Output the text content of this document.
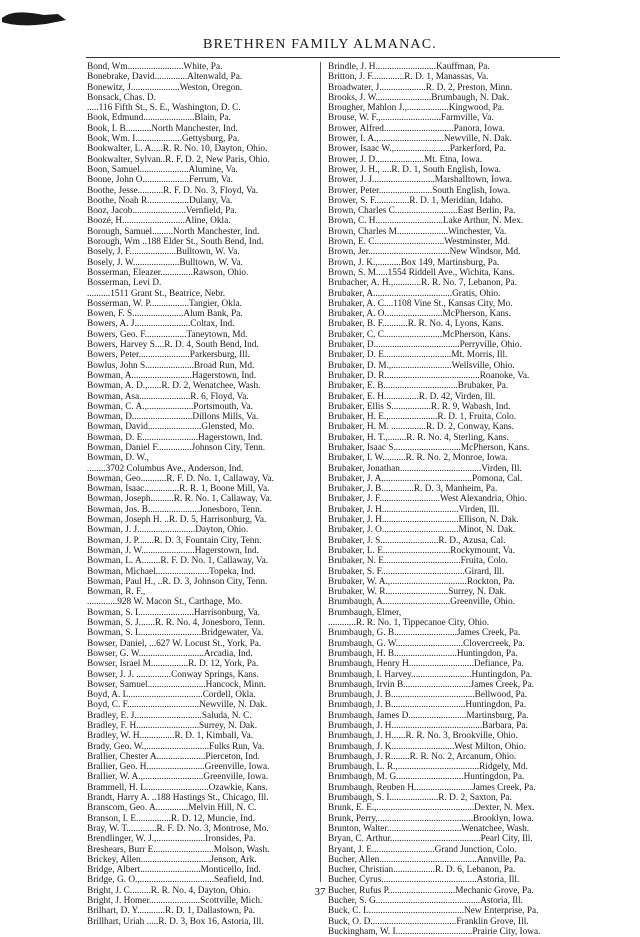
BRETHREN FAMILY ALMANAC.
Bond, Wm........................White, Pa.
Bonebrake, David..............Altenwald, Pa.
Bonewitz, J.....................Weston, Oregon.
Bonsack, Chas. D.
.....116 Fifth St., S. E., Washington, D. C.
Book, Edmund......................Blain, Pa.
Book, I. B...........North Manchester, Ind.
Book, Wm. I....................Gettysburg, Pa.
Bookwalter, L. A.....R. R. No. 10, Dayton, Ohio.
Bookwalter, Sylvan..R. F. D. 2, New Paris, Ohio.
Boon, Samuel.....................Alumine, Va.
Boone, John O....................Ferrum, Va.
Boothe, Jesse...........R. F. D. No. 3, Floyd, Va.
Boothe, Noah R..................Dulany, Va.
Booz, Jacob.......................Vernfield, Pa.
Boozé, H...........................Aline, Okla.
Borough, Samuel.........North Manchester, Ind.
Borough, Wm ..188 Elder St., South Bend, Ind.
Bosely, J. F....................Bulltown, W. Va.
Bosely, J. W....................Bulltown, W. Va.
Bosserman, Eleazer..............Rawson, Ohio.
Bosserman, Levi D.
..........1511 Grant St., Beatrice, Nebr.
Bosserman, W. P.................Tangier, Okla.
Bowen, F. S......................Alum Bank, Pa.
Bowers, A. J........................Coltax, Ind.
Bowers, Geo. F..................Taneytown, Md.
Bowers, Harvey S....R. D. 4, South Bend, Ind.
Bowers, Peter......................Parkersburg, Ill.
Bowlus, John S.....................Broad Run, Md.
Bowman, A..........................Hagerstown, Ind.
Bowman, A. D.,......R. D. 2, Wenatchee, Wash.
Bowman, Asa......................R. 6, Floyd, Va.
Bowman, C. A.,....................Portsmouth, Va.
Bowman, D..........................Dillons Mills, Va.
Bowman, David.......................Glensted, Mo.
Bowman, D. E........................Hagerstown, Ind.
Bowman, Daniel F...............Johnson City, Tenn.
Bowman, D. W.,
........3702 Columbus Ave., Anderson, Ind.
Bowman, Geo...........R. F. D. No. 1, Callaway, Va.
Bowman, Isaac...............R. R. 1, Boone Mill, Va.
Bowman, Joseph..........R. R. No. 1, Callaway, Va.
Bowman, Jos. B......................Jonesboro, Tenn.
Bowman, Joseph H. ..R. D. 5, Harrisonburg, Va.
Bowman, J. J.........................Dayton, Ohio.
Bowman, J. P.......R. D. 3, Fountain City, Tenn.
Bowman, J. W.......................Hagerstown, Ind.
Bowman, L. A........R. F. D. No. 1, Callaway, Va.
Bowman, Michael.......................Topeka, Ind.
Bowman, Paul H., ..R. D. 3, Johnson City, Tenn.
Bowman, R. F.,
.............928 W. Macon St., Carthage, Mo.
Bowman, S. I........................Harrisonburg, Va.
Bowman, S. J.......R. R. No. 4, Jonesboro, Tenn.
Bowman, S. L..........................Bridgewater, Va.
Bowser, Daniel, ...627 W. Locust St., York, Pa.
Bowser, G. W............................Arcadia, Ind.
Bowser, Israel M................R. D. 12, York, Pa.
Bowser, J. J. ...............Conway Springs, Kans.
Bowser, Samuel.........................Hancock, Minn.
Boyd, A. L................................Cordell, Okla.
Boyd, C. F...............................Newville, N. Dak.
Bradley, E. J.............................Saluda, N. C.
Bradley, F. H...........................Surrey, N. Dak.
Bradley, W. H...............R. D. 1, Kimball, Va.
Brady, Geo. W.,...........................Fulks Run, Va.
Brallier, Chester A.....................Pierceton, Ind.
Brallier, Geo. H.........................Greenville, Iowa.
Brallier, W. A.,..........................Greenville, Iowa.
Brammell, H. L...........................Ozawkie, Kans.
Brandt, Harry A. ..188 Hastings St., Chicago, Ill.
Branscom, Geo. A..............Melvin Hill, N. C.
Branson, I. E...............R. D. 12, Muncie, Ind.
Bray, W. T.............R. F. D. No. 3, Montrose, Mo.
Brendlinger, W. J.,.....................Ironsides, Pa.
Breshears, Burr E..........................Molson, Wash.
Brickey, Allen..............................Jenson, Ark.
Bridge, Albert..........................Monticello, Ind.
Bridge, G. O.,................................Seafield, Ind.
Bright, J. C.........R. R. No. 4, Dayton, Ohio.
Bright, J. Homer......................Scottville, Mich.
Brilhart, D. Y............R. D. 1, Dallastown, Pa.
Brillhart, Uriah .....R. D. 3, Box 16, Astoria, Ill.
Brindle, J. H..........................Kauffman, Pa.
Britton, J. F..............R. D. 1, Manassas, Va.
Broadwater, J....................R. D. 2, Preston, Minn.
Brooks, J. W........................Brumbaugh, N. Dak.
Brougher, Mahlon J.,..................Kingwood, Pa.
Brouse, W. F.,..........................Farmville, Va.
Brower, Alfred..............................Panora, Iowa.
Brower, I. A.,............................Newville, N. Dak.
Brower, Isaac W.,........................Parkerford, Pa.
Brower, J. D.....................Mt. Etna, Iowa.
Brower, J. H., ....R. D. 1, South English, Iowa.
Brower, J. J...........................Marshalltown, Iowa.
Brower, Peter.......................South English, Iowa.
Brower, S. F...............R. D. 1, Meridian, Idaho.
Brown, Charles C...........................East Berlin, Pa.
Brown, C. H.............................Lake Arthur, N. Mex.
Brown, Charles M......................Winchester, Va.
Brown, E. C..............................Westminster, Md.
Brown, Jer...................................New Windsor, Md.
Brown, J. K.,..........Box 149, Martinsburg, Pa.
Brown, S. M.....1554 Riddell Ave., Wichita, Kans.
Brubacher, A. H.,............R. R. No. 7, Lebanon, Pa.
Brubaker, A..................................Gratis, Ohio.
Brubaker, A. C....1108 Vine St., Kansas City, Mo.
Brubaker, A. O.........................McPherson, Kans.
Brubaker, B. F...........R. R. No. 4, Lyons, Kans.
Brubaker, C. C.........................McPherson, Kans.
Brubaker, D.....................................Perryville, Ohio.
Brubaker, D. E.............................Mt. Morris, Ill.
Brubaker, D. M.,..........................Wellsville, Ohio.
Brubaker, D. R.........................................Roanoke, Va.
Brubaker, E. B................................Brubaker, Pa.
Brubaker, E. H...............R. D. 42, Virden, Ill.
Brubaker, Ellis S.................R. R. 9, Wabash, Ind.
Brubaker, H. E.,.....................R. D. 1, Fruita, Colo.
Brubaker, H. M. ...............R. D. 2, Conway, Kans.
Brubaker, H. T.,........R. R. No. 4, Sterling, Kans.
Brubaker, Isaac S.............................McPherson, Kans.
Brubaker, I. W..........R. R. No. 2, Monroe, Iowa.
Brubaker, Jonathan...................................Virden, Ill.
Brubaker, J. A.......................................Pomona, Cal.
Brubaker, J. B..............R. D. 3, Manheim, Pa.
Brubaker, J. F..........................West Alexandria, Ohio.
Brubaker, J. H.................................Virden, Ill.
Brubaker, J. H.................................Ellison, N. Dak.
Brubaker, J. O.................................Minot, N. Dak.
Brubaker, J. S.........................R. D., Azusa, Cal.
Brubaker, L. E.............................Rockymount, Va.
Brubaker, N. E.................................Fruita, Colo.
Brubaker, S. F....................................Girard, Ill.
Brubaker, W. A.,.................................Rockton, Pa.
Brubaker, W. R...........................Surrey, N. Dak.
Brumbaugh, A.............................Greenville, Ohio.
Brumbaugh, Elmer,
............R. R. No. 1, Tippecanoe City, Ohio.
Brumbaugh, G. B...........................James Creek, Pa.
Brumbaugh, G. W.............................Clovercreek, Pa.
Brumbaugh, H. B...........................Huntingdon, Pa.
Brumbaugh, Henry H............................Defiance, Pa.
Brumbaugh, I. Harvey..........................Huntingdon, Pa.
Brumbaugh, Irvin B.............................James Creek, Pa.
Brumbaugh, J. B....................................Bellwood, Pa.
Brumbaugh, J. B................................Huntingdon, Pa.
Brumbaugh, James D.........................Martinsburg, Pa.
Brumbaugh, J. H.......................................Barbara, Pa.
Brumbaugh, J. H......R. R. No. 3, Brookville, Ohio.
Brumbaugh, J. K...........................West Milton, Ohio.
Brumbaugh, J. R........R. R. No. 2, Arcanum, Ohio.
Brumbaugh, L. R.,...................................Ridgely, Md.
Brumbaugh, M. G.............................Huntingdon, Pa.
Brumbaugh, Reuben H.........................James Creek, Pa.
Brumbaugh, S. I.....................R. D. 2, Saxton, Pa.
Brunk, E. E.,..........................................Dexter, N. Mex.
Brunk, Perry,.........................................Brooklyn, Iowa.
Brunton, Walter................................Wenatchee, Wash.
Bryan, C. Arthur.......................................Pearl City, Ill.
Bryant, J. E...........................Grand Junction, Colo.
Bucher, Allen..........................................Annville, Pa.
Bucher, Christian..................R. D. 6, Lebanon, Pa.
Bucher, Cyrus.........................................Astoria, Ill.
Bucher, Rufus P.............................Mechanic Grove, Pa.
Bucher, S. G.............................................Astoria, Ill.
Buck, C. L.........................................New Enterprise, Pa.
Buck, O. D.....................................Franklin Grove, Ill.
Buckingham, W. I.................................Prairie City, Iowa.
37
